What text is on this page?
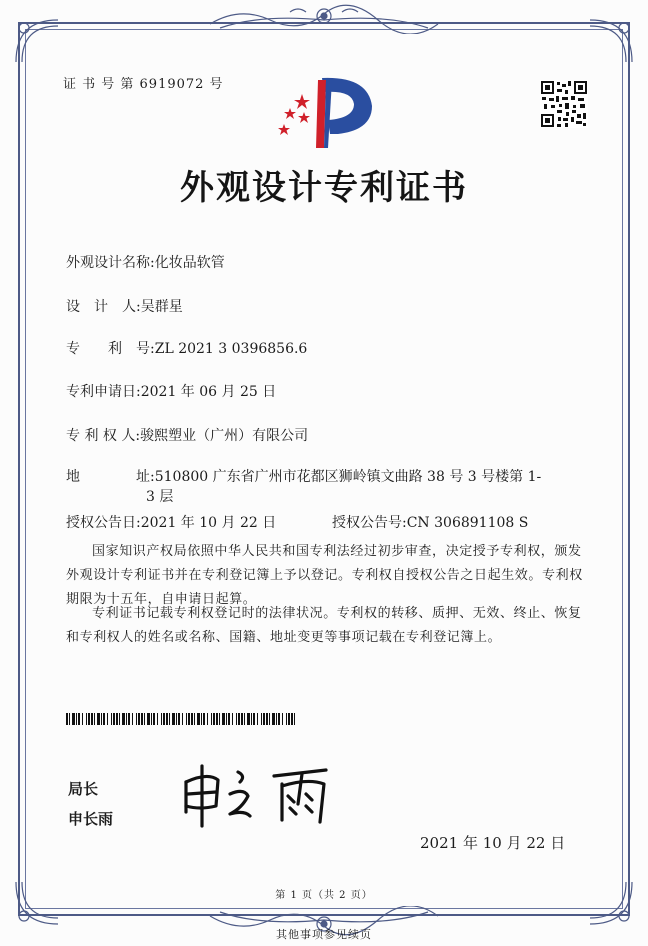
证 书 号 第 6919072 号
外观设计专利证书
外观设计名称:化妆品软管
设　计　人:吴群星
专　　利　号:ZL 2021 3 0396856.6
专利申请日:2021 年 06 月 25 日
专 利 权 人:骏熙塑业（广州）有限公司
地　　　　址:510800 广东省广州市花都区狮岭镇文曲路 38 号 3 号楼第 1-
3 层
授权公告日:2021 年 10 月 22 日	授权公告号:CN 306891108 S
国家知识产权局依照中华人民共和国专利法经过初步审查，决定授予专利权，颁发外观设计专利证书并在专利登记簿上予以登记。专利权自授权公告之日起生效。专利权期限为十五年，自申请日起算。
专利证书记载专利权登记时的法律状况。专利权的转移、质押、无效、终止、恢复和专利权人的姓名或名称、国籍、地址变更等事项记载在专利登记簿上。
局长
申长雨
2021 年 10 月 22 日
第 1 页（共 2 页）
其他事项参见续页
